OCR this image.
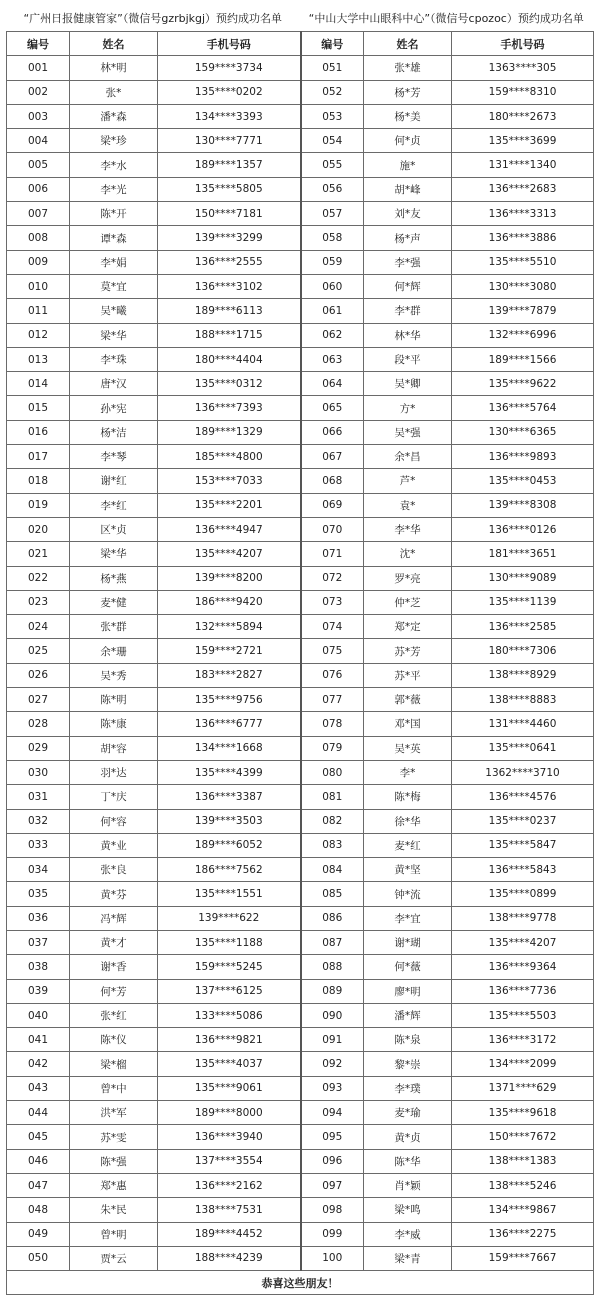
“广州日报健康管家”（微信号gzrbjkgj）预约成功名单	“中山大学中山眼科中心”（微信号cpozoc）预约成功名单
编号	姓名	手机号码	编号	姓名	手机号码
001	林*明	159****3734	051	张*雄	1363****305
002	张*	135****0202	052	杨*芳	159****8310
003	潘*森	134****3393	053	杨*美	180****2673
004	梁*珍	130****7771	054	何*贞	135****3699
005	李*水	189****1357	055	施*	131****1340
006	李*光	135****5805	056	胡*峰	136****2683
007	陈*开	150****7181	057	刘*友	136****3313
008	谭*森	139****3299	058	杨*声	136****3886
009	李*娟	136****2555	059	李*强	135****5510
010	莫*宜	136****3102	060	何*辉	130****3080
011	吴*曦	189****6113	061	李*群	139****7879
012	梁*华	188****1715	062	林*华	132****6996
013	李*珠	180****4404	063	段*平	189****1566
014	唐*汉	135****0312	064	吴*卿	135****9622
015	孙*宪	136****7393	065	方*	136****5764
016	杨*洁	189****1329	066	吴*强	130****6365
017	李*琴	185****4800	067	余*昌	136****9893
018	谢*红	153****7033	068	芦*	135****0453
019	李*红	135****2201	069	袁*	139****8308
020	区*贞	136****4947	070	李*华	136****0126
021	梁*华	135****4207	071	沈*	181****3651
022	杨*燕	139****8200	072	罗*亮	130****9089
023	麦*健	186****9420	073	仲*芝	135****1139
024	张*群	132****5894	074	郑*定	136****2585
025	余*珊	159****2721	075	苏*芳	180****7306
026	吴*秀	183****2827	076	苏*平	138****8929
027	陈*明	135****9756	077	郭*薇	138****8883
028	陈*康	136****6777	078	邓*国	131****4460
029	胡*容	134****1668	079	吴*英	135****0641
030	羽*达	135****4399	080	李*	1362****3710
031	丁*庆	136****3387	081	陈*梅	136****4576
032	何*容	139****3503	082	徐*华	135****0237
033	黄*业	189****6052	083	麦*红	135****5847
034	张*良	186****7562	084	黄*坚	136****5843
035	黄*芬	135****1551	085	钟*流	135****0899
036	冯*辉	139****622	086	李*宜	138****9778
037	黄*才	135****1188	087	谢*瑚	135****4207
038	谢*香	159****5245	088	何*薇	136****9364
039	何*芳	137****6125	089	廖*明	136****7736
040	张*红	133****5086	090	潘*辉	135****5503
041	陈*仪	136****9821	091	陈*泉	136****3172
042	梁*榴	135****4037	092	黎*崇	134****2099
043	曾*中	135****9061	093	李*璞	1371****629
044	洪*军	189****8000	094	麦*瑜	135****9618
045	苏*雯	136****3940	095	黄*贞	150****7672
046	陈*强	137****3554	096	陈*华	138****1383
047	郑*惠	136****2162	097	肖*颖	138****5246
048	朱*民	138****7531	098	梁*鸣	134****9867
049	曾*明	189****4452	099	李*威	136****2275
050	贾*云	188****4239	100	梁*青	159****7667
恭喜这些朋友！					
